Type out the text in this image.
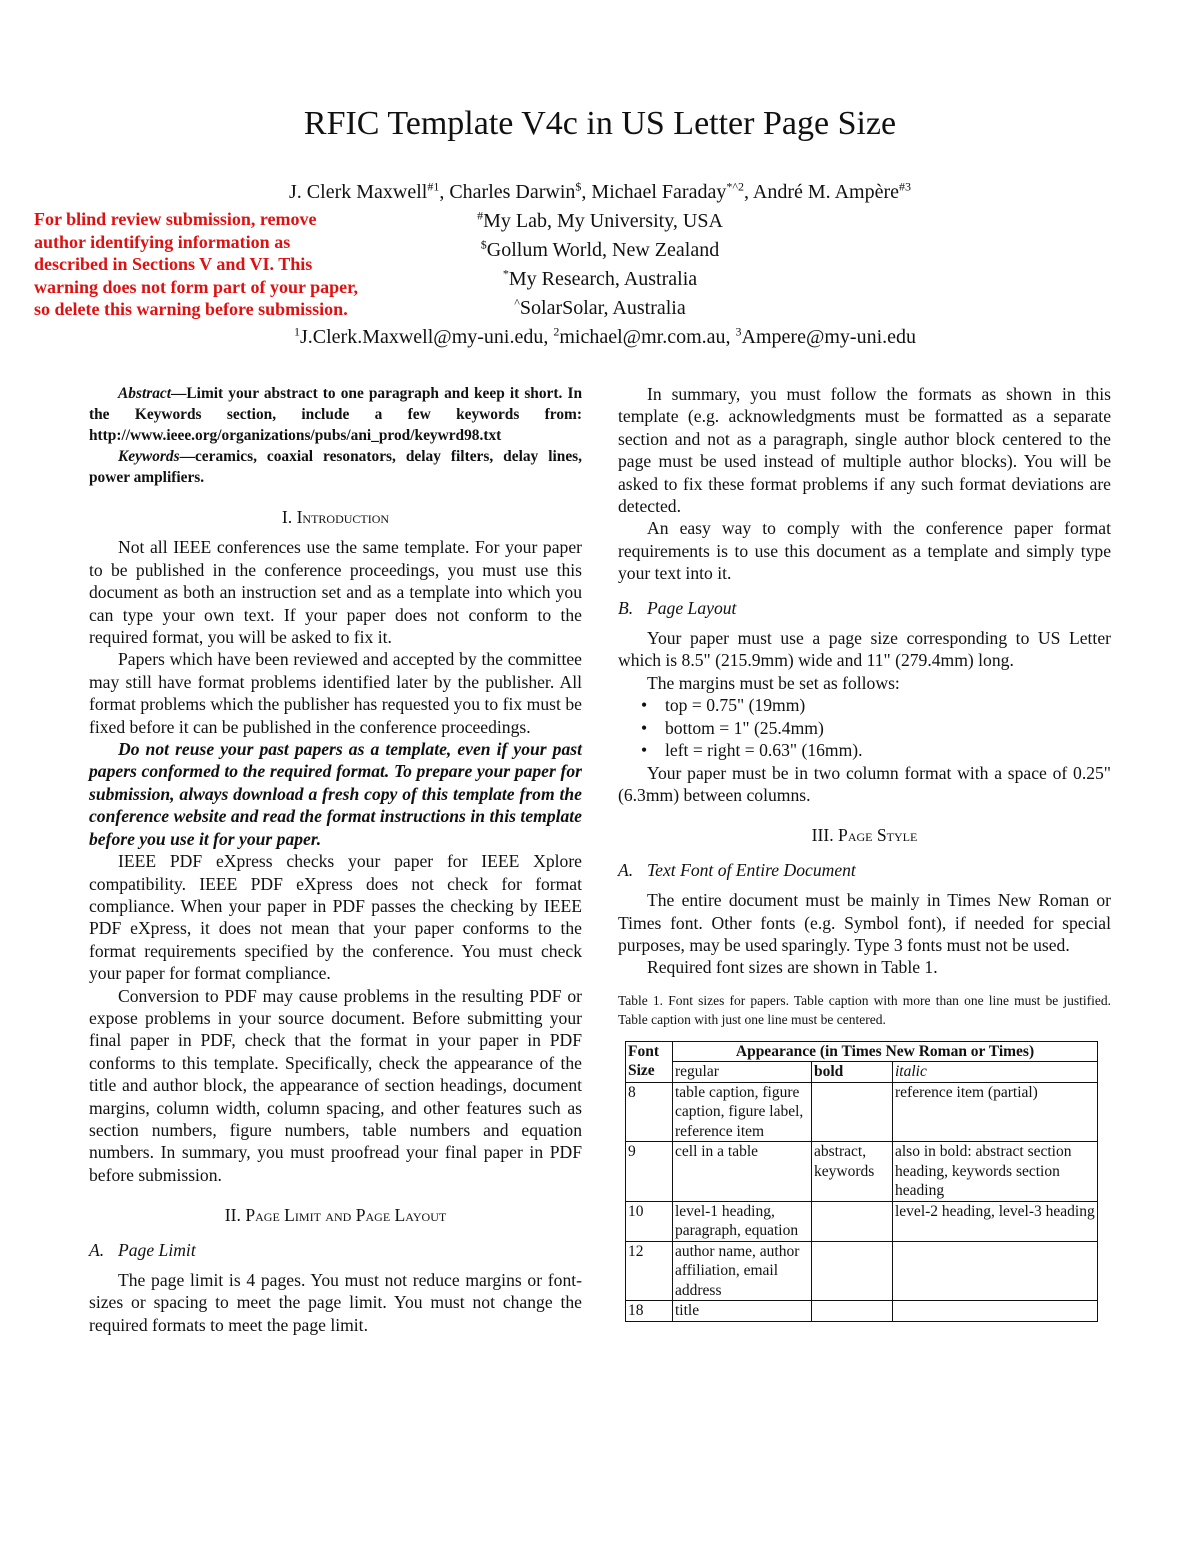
RFIC Template V4c in US Letter Page Size
J. Clerk Maxwell$^{\#1}$, Charles Darwin$, Michael Faraday$^{*\^{}2}$, André M. Ampère$^{\#3}$
#My Lab, My University, USA
$Gollum World, New Zealand
*My Research, Australia
^SolarSolar, Australia
$^1$J.Clerk.Maxwell@my-uni.edu, $^2$michael@mr.com.au, $^3$Ampere@my-uni.edu
For blind review submission, remove author identifying information as described in Sections V and VI. This warning does not form part of your paper, so delete this warning before submission.

Abstract—Limit your abstract to one paragraph and keep it short. In the Keywords section, include a few keywords from: http://www.ieee.org/organizations/pubs/ani_prod/keywrd98.txt

Keywords—ceramics, coaxial resonators, delay filters, delay lines, power amplifiers.

I. Introduction

Not all IEEE conferences use the same template. For your paper to be published in the conference proceedings, you must use this document as both an instruction set and as a template into which you can type your own text. If your paper does not conform to the required format, you will be asked to fix it.

Papers which have been reviewed and accepted by the committee may still have format problems identified later by the publisher. All format problems which the publisher has requested you to fix must be fixed before it can be published in the conference proceedings.

Do not reuse your past papers as a template, even if your past papers conformed to the required format. To prepare your paper for submission, always download a fresh copy of this template from the conference website and read the format instructions in this template before you use it for your paper.

IEEE PDF eXpress checks your paper for IEEE Xplore compatibility. IEEE PDF eXpress does not check for format compliance. When your paper in PDF passes the checking by IEEE PDF eXpress, it does not mean that your paper conforms to the format requirements specified by the conference. You must check your paper for format compliance.

Conversion to PDF may cause problems in the resulting PDF or expose problems in your source document. Before submitting your final paper in PDF, check that the format in your paper in PDF conforms to this template. Specifically, check the appearance of the title and author block, the appearance of section headings, document margins, column width, column spacing, and other features such as section numbers, figure numbers, table numbers and equation numbers. In summary, you must proofread your final paper in PDF before submission.

II. Page Limit and Page Layout
A. Page Limit

The page limit is 4 pages. You must not reduce margins or font-sizes or spacing to meet the page limit. You must not change the required formats to meet the page limit.

In summary, you must follow the formats as shown in this template (e.g. acknowledgments must be formatted as a separate section and not as a paragraph, single author block centered to the page must be used instead of multiple author blocks). You will be asked to fix these format problems if any such format deviations are detected.

An easy way to comply with the conference paper format requirements is to use this document as a template and simply type your text into it.

B. Page Layout

Your paper must use a page size corresponding to US Letter which is 8.5" (215.9mm) wide and 11" (279.4mm) long.

The margins must be set as follows:

• top = 0.75" (19mm)
• bottom = 1" (25.4mm)
• left = right = 0.63" (16mm).

Your paper must be in two column format with a space of 0.25" (6.3mm) between columns.

III. Page Style
A. Text Font of Entire Document

The entire document must be mainly in Times New Roman or Times font. Other fonts (e.g. Symbol font), if needed for special purposes, may be used sparingly. Type 3 fonts must not be used.

Required font sizes are shown in Table 1.

Table 1. Font sizes for papers. Table caption with more than one line must be justified. Table caption with just one line must be centered.
Font Size	Appearance (in Times New Roman or Times)		
	regular	bold	italic
8	table caption, figure caption, figure label, reference item		reference item (partial)
9	cell in a table	abstract, keywords	also in bold: abstract section heading, keywords section heading
10	level-1 heading, paragraph, equation		level-2 heading, level-3 heading
12	author name, author affiliation, email address		
18	title		
